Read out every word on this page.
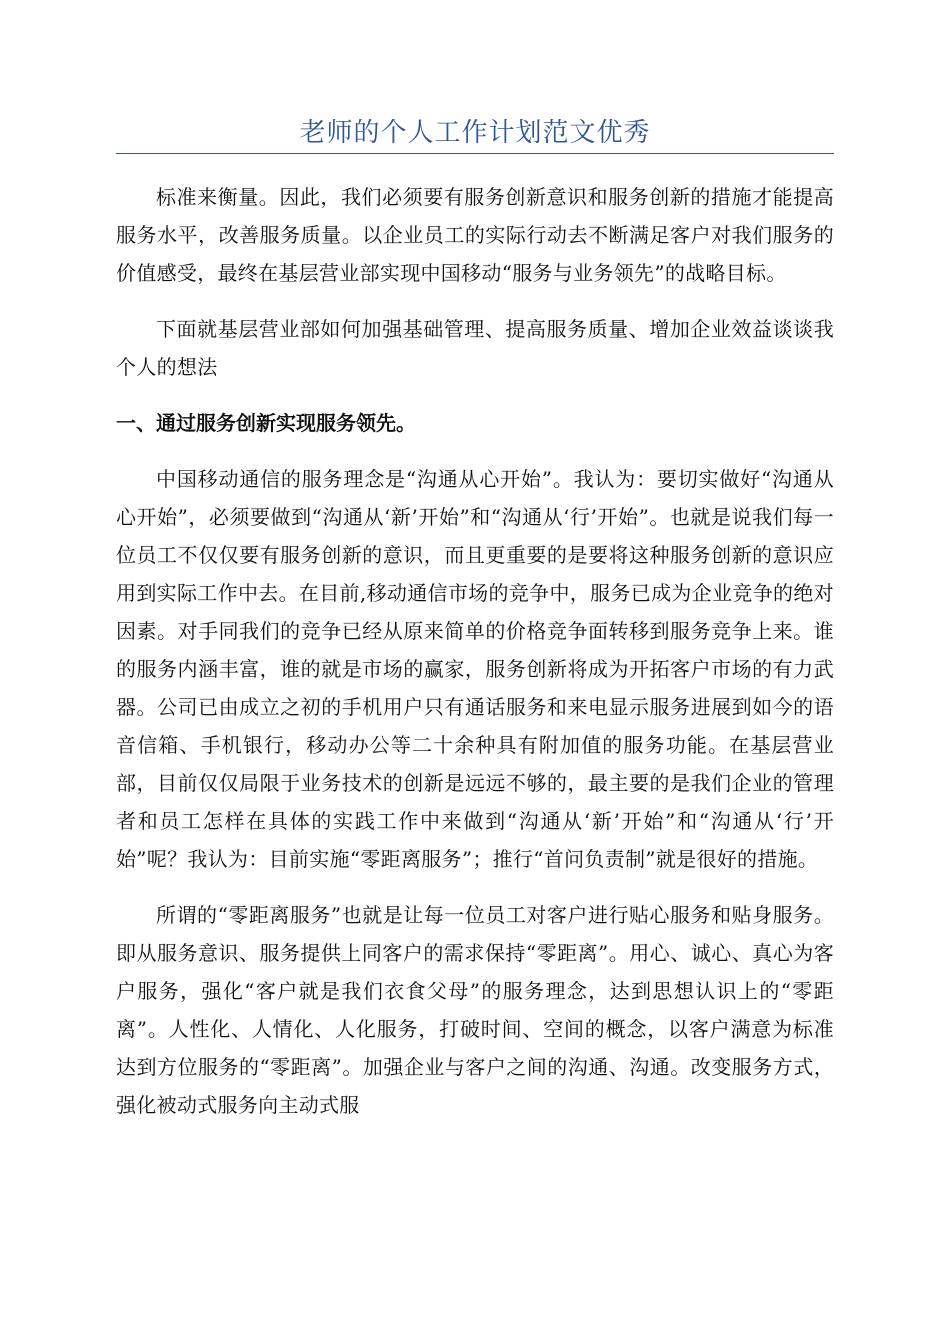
老师的个人工作计划范文优秀

标准来衡量。因此，我们必须要有服务创新意识和服务创新的措施才能提高服务水平，改善服务质量。以企业员工的实际行动去不断满足客户对我们服务的价值感受，最终在基层营业部实现中国移动“服务与业务领先”的战略目标。

下面就基层营业部如何加强基础管理、提高服务质量、增加企业效益谈谈我个人的想法

一、通过服务创新实现服务领先。

中国移动通信的服务理念是“沟通从心开始”。我认为：要切实做好“沟通从心开始”，必须要做到“沟通从‘新’开始”和“沟通从‘行’开始”。也就是说我们每一位员工不仅仅要有服务创新的意识，而且更重要的是要将这种服务创新的意识应用到实际工作中去。在目前,移动通信市场的竞争中，服务已成为企业竞争的绝对因素。对手同我们的竞争已经从原来简单的价格竞争面转移到服务竞争上来。谁的服务内涵丰富，谁的就是市场的赢家，服务创新将成为开拓客户市场的有力武器。公司已由成立之初的手机用户只有通话服务和来电显示服务进展到如今的语音信箱、手机银行，移动办公等二十余种具有附加值的服务功能。在基层营业部，目前仅仅局限于业务技术的创新是远远不够的，最主要的是我们企业的管理者和员工怎样在具体的实践工作中来做到“沟通从‘新’开始”和“沟通从‘行’开始”呢？我认为：目前实施“零距离服务”；推行“首问负责制”就是很好的措施。

所谓的“零距离服务”也就是让每一位员工对客户进行贴心服务和贴身服务。即从服务意识、服务提供上同客户的需求保持“零距离”。用心、诚心、真心为客户服务，强化“客户就是我们衣食父母”的服务理念，达到思想认识上的“零距离”。人性化、人情化、人化服务，打破时间、空间的概念，以客户满意为标准达到方位服务的“零距离”。加强企业与客户之间的沟通、沟通。改变服务方式，强化被动式服务向主动式服
